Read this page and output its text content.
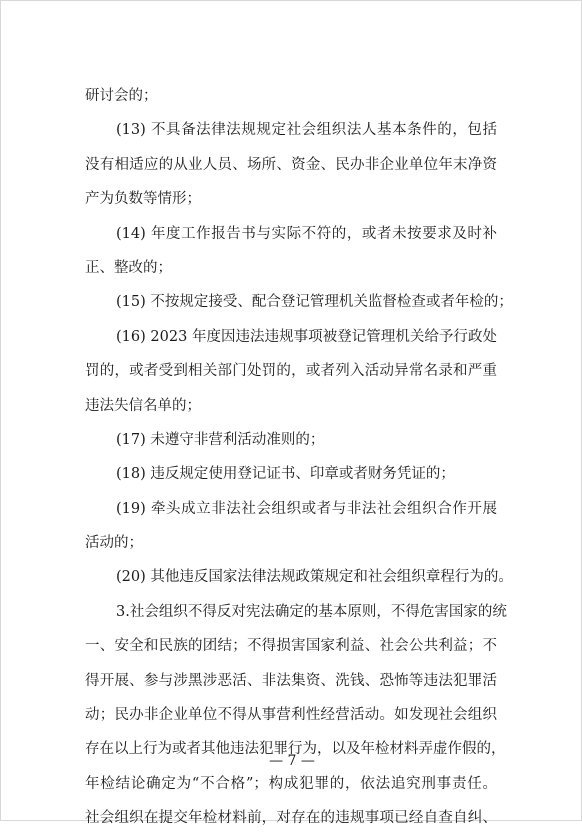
研讨会的；
(13) 不具备法律法规规定社会组织法人基本条件的，包括
没有相适应的从业人员、场所、资金、民办非企业单位年末净资
产为负数等情形；
(14) 年度工作报告书与实际不符的，或者未按要求及时补
正、整改的；
(15) 不按规定接受、配合登记管理机关监督检查或者年检的；
(16) 2023 年度因违法违规事项被登记管理机关给予行政处
罚的，或者受到相关部门处罚的，或者列入活动异常名录和严重
违法失信名单的；
(17) 未遵守非营利活动准则的；
(18) 违反规定使用登记证书、印章或者财务凭证的；
(19) 牵头成立非法社会组织或者与非法社会组织合作开展
活动的；
(20) 其他违反国家法律法规政策规定和社会组织章程行为的。
3.社会组织不得反对宪法确定的基本原则，不得危害国家的统
一、安全和民族的团结；不得损害国家利益、社会公共利益；不
得开展、参与涉黑涉恶活、非法集资、洗钱、恐怖等违法犯罪活
动；民办非企业单位不得从事营利性经营活动。如发现社会组织
存在以上行为或者其他违法犯罪行为，以及年检材料弄虚作假的，
年检结论确定为“不合格”；构成犯罪的，依法追究刑事责任。
社会组织在提交年检材料前，对存在的违规事项已经自查自纠、
— 7 —
